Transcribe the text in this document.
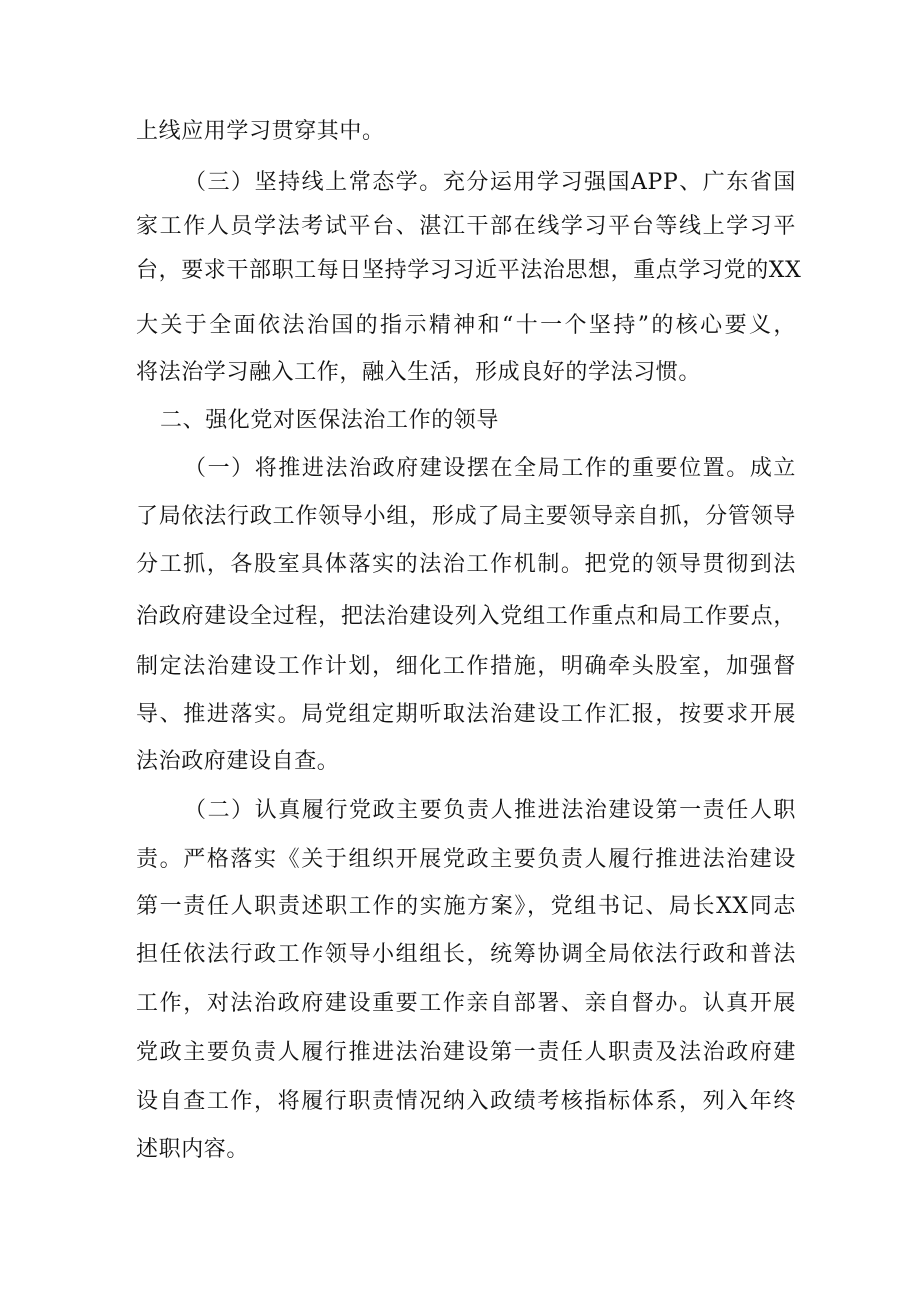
上线应用学习贯穿其中。
（三）坚持线上常态学。充分运用学习强国APP、广东省国
家工作人员学法考试平台、湛江干部在线学习平台等线上学习平
台，要求干部职工每日坚持学习习近平法治思想，重点学习党的XX
大关于全面依法治国的指示精神和“十一个坚持”的核心要义，
将法治学习融入工作，融入生活，形成良好的学法习惯。
二、强化党对医保法治工作的领导
（一）将推进法治政府建设摆在全局工作的重要位置。成立
了局依法行政工作领导小组，形成了局主要领导亲自抓，分管领导
分工抓，各股室具体落实的法治工作机制。把党的领导贯彻到法
治政府建设全过程，把法治建设列入党组工作重点和局工作要点，
制定法治建设工作计划，细化工作措施，明确牵头股室，加强督
导、推进落实。局党组定期听取法治建设工作汇报，按要求开展
法治政府建设自查。
（二）认真履行党政主要负责人推进法治建设第一责任人职
责。严格落实《关于组织开展党政主要负责人履行推进法治建设
第一责任人职责述职工作的实施方案》，党组书记、局长XX同志
担任依法行政工作领导小组组长，统筹协调全局依法行政和普法
工作，对法治政府建设重要工作亲自部署、亲自督办。认真开展
党政主要负责人履行推进法治建设第一责任人职责及法治政府建
设自查工作，将履行职责情况纳入政绩考核指标体系，列入年终
述职内容。
